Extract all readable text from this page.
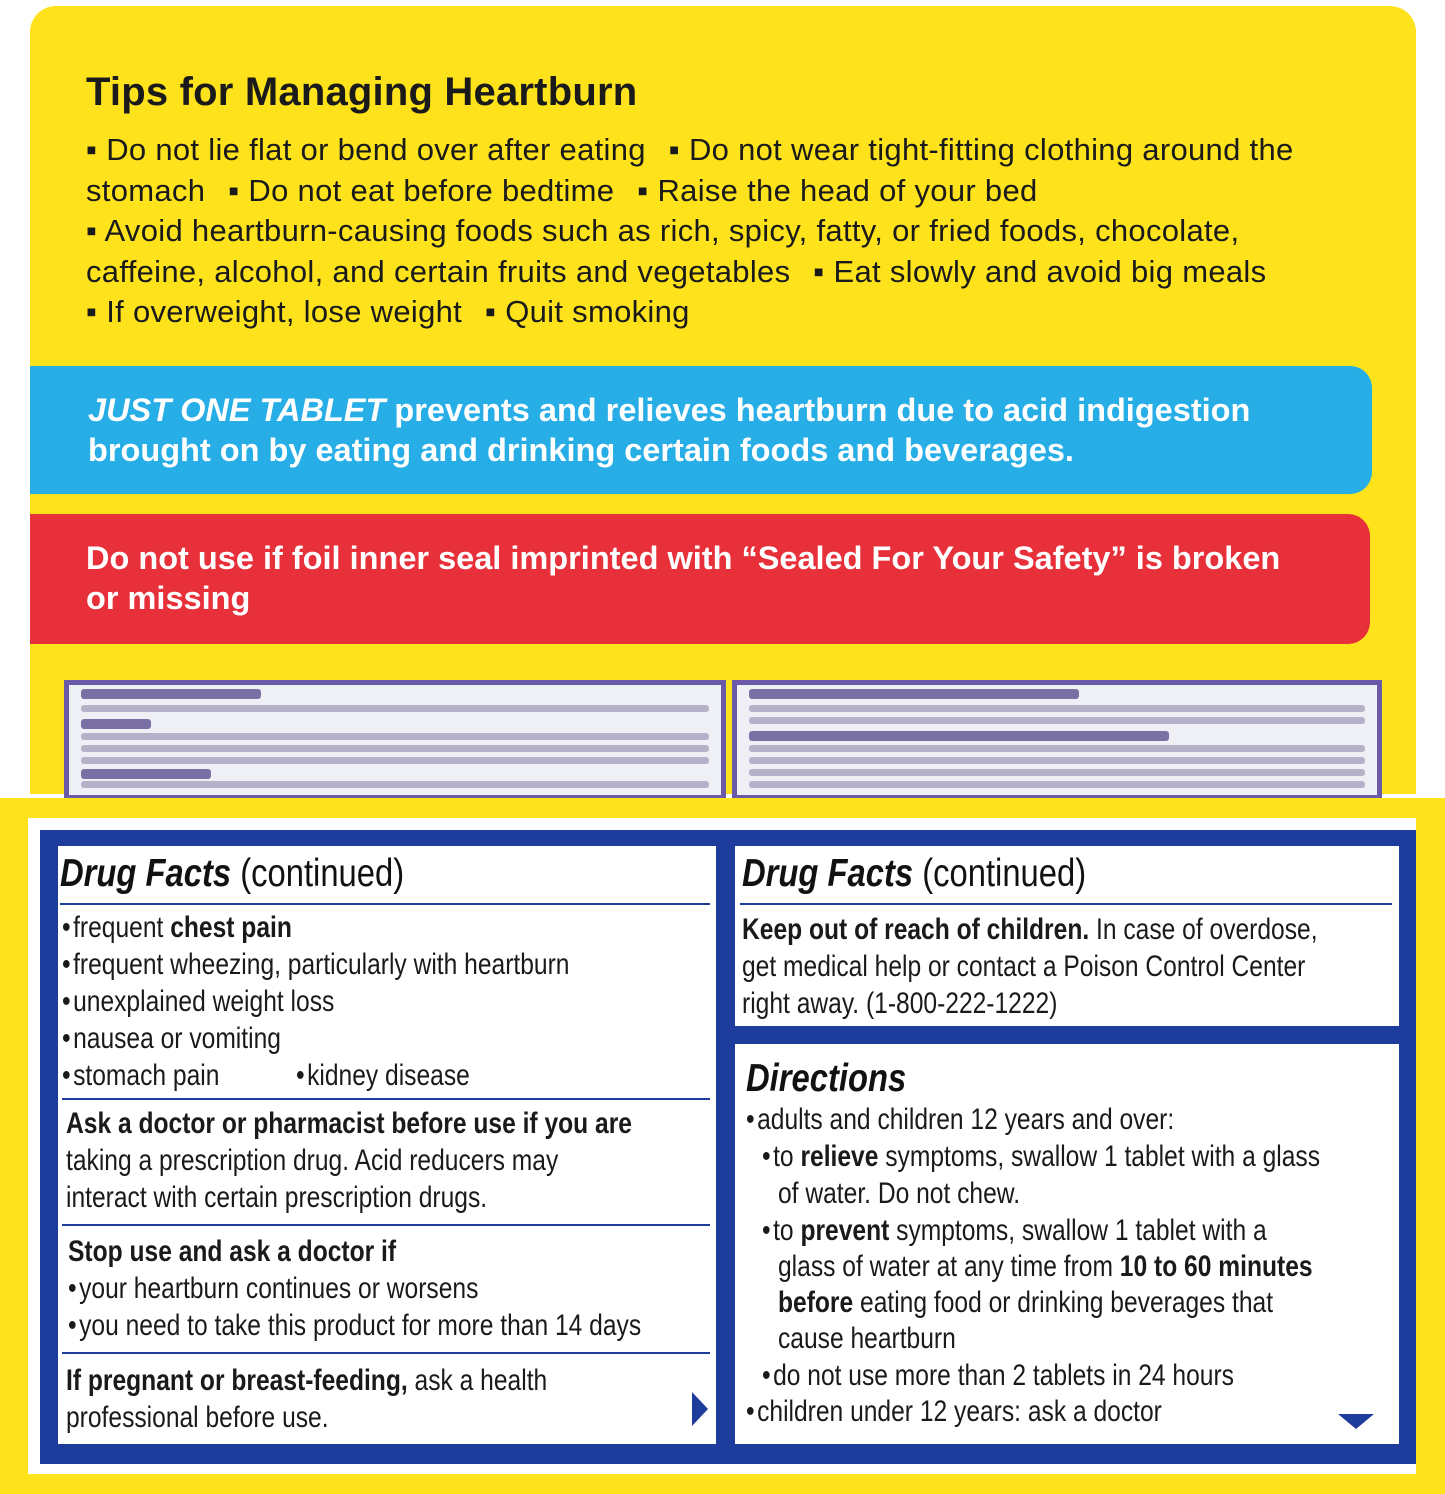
Tips for Managing Heartburn
▪ Do not lie flat or bend over after eating ▪ Do not wear tight-fitting clothing around the stomach ▪ Do not eat before bedtime ▪ Raise the head of your bed
▪ Avoid heartburn-causing foods such as rich, spicy, fatty, or fried foods, chocolate, caffeine, alcohol, and certain fruits and vegetables ▪ Eat slowly and avoid big meals
▪ If overweight, lose weight ▪ Quit smoking
JUST ONE TABLET prevents and relieves heartburn due to acid indigestion brought on by eating and drinking certain foods and beverages.
Do not use if foil inner seal imprinted with “Sealed For Your Safety” is broken or missing
Drug Facts (continued)
• frequent chest pain
• frequent wheezing, particularly with heartburn
• unexplained weight loss
• nausea or vomiting
• stomach pain	• kidney disease
Ask a doctor or pharmacist before use if you are
taking a prescription drug. Acid reducers may
interact with certain prescription drugs.
Stop use and ask a doctor if
• your heartburn continues or worsens
• you need to take this product for more than 14 days
If pregnant or breast-feeding, ask a health
professional before use.
Drug Facts (continued)
Keep out of reach of children. In case of overdose,
get medical help or contact a Poison Control Center
right away. (1-800-222-1222)
Directions
• adults and children 12 years and over:
• to relieve symptoms, swallow 1 tablet with a glass
of water. Do not chew.
• to prevent symptoms, swallow 1 tablet with a
glass of water at any time from 10 to 60 minutes
before eating food or drinking beverages that
cause heartburn
• do not use more than 2 tablets in 24 hours
• children under 12 years: ask a doctor
